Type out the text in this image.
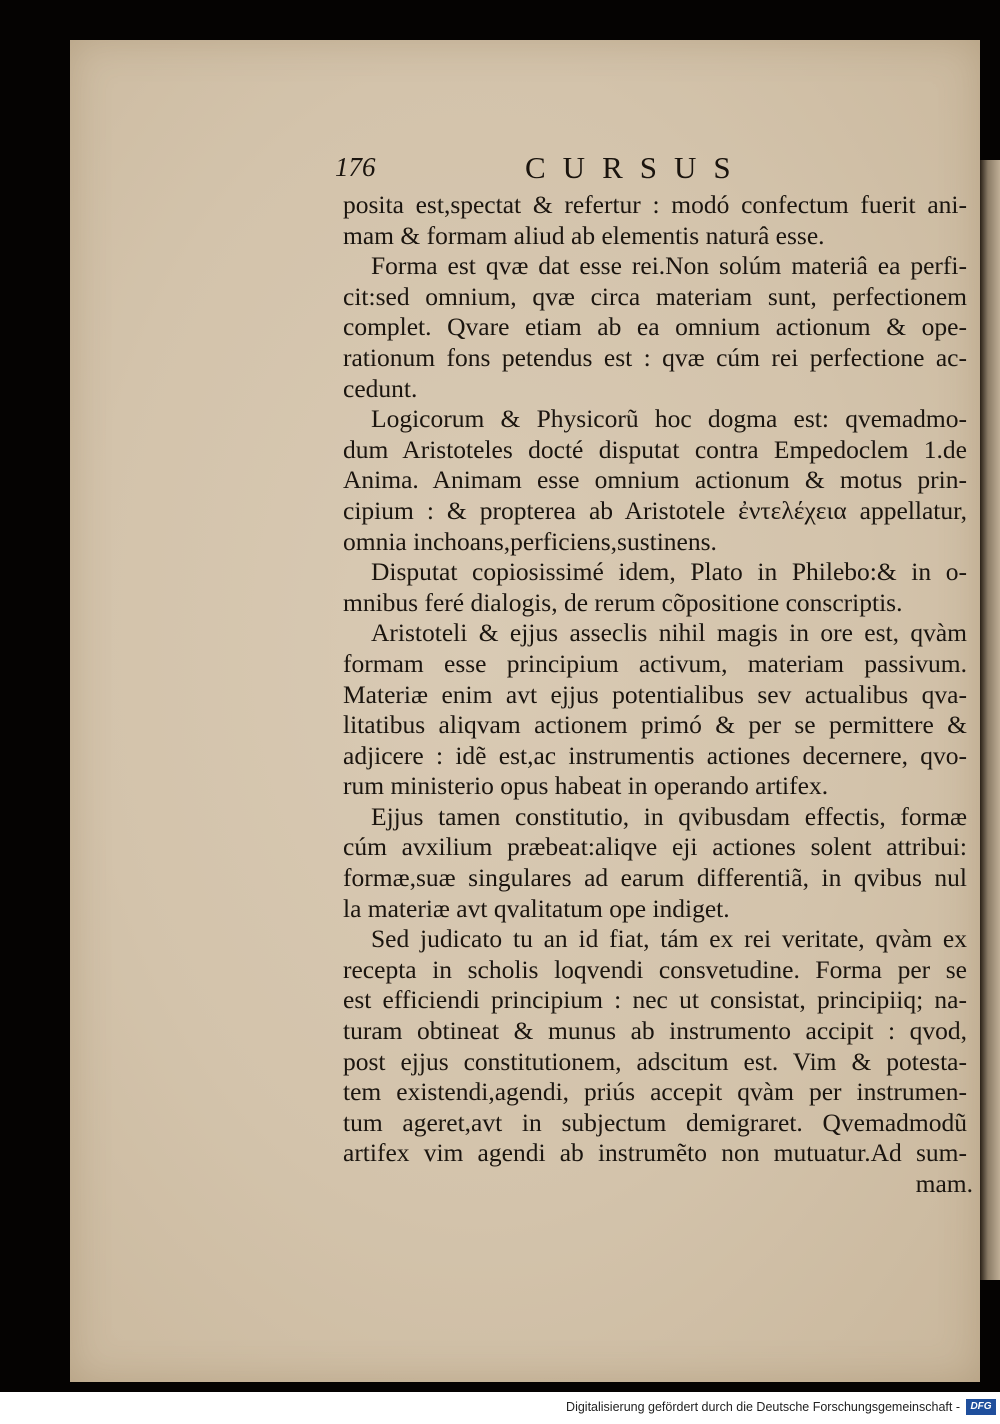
176	CURSUS
posita est,spectat & refertur : modó confectum fuerit ani-
mam & formam aliud ab elementis naturâ esse.
Forma est qvæ dat esse rei.Non solúm materiâ ea perfi-
cit:sed omnium, qvæ circa materiam sunt, perfectionem
complet. Qvare etiam ab ea omnium actionum & ope-
rationum fons petendus est : qvæ cúm rei perfectione ac-
cedunt.
Logicorum & Physicorũ hoc dogma est: qvemadmo-
dum Aristoteles docté disputat contra Empedoclem 1.de
Anima. Animam esse omnium actionum & motus prin-
cipium : & propterea ab Aristotele ἐντελέχεια appellatur,
omnia inchoans,perficiens,sustinens.
Disputat copiosissimé idem, Plato in Philebo:& in o-
mnibus feré dialogis, de rerum cõpositione conscriptis.
Aristoteli & ejjus asseclis nihil magis in ore est, qvàm
formam esse principium activum, materiam passivum.
Materiæ enim avt ejjus potentialibus sev actualibus qva-
litatibus aliqvam actionem primó & per se permittere &
adjicere : idẽ est,ac instrumentis actiones decernere, qvo-
rum ministerio opus habeat in operando artifex.
Ejjus tamen constitutio, in qvibusdam effectis, formæ
cúm avxilium præbeat:aliqve eji actiones solent attribui:
formæ,suæ singulares ad earum differentiã, in qvibus nul
la materiæ avt qvalitatum ope indiget.
Sed judicato tu an id fiat, tám ex rei veritate, qvàm ex
recepta in scholis loqvendi consvetudine. Forma per se
est efficiendi principium : nec ut consistat, principiiq; na-
turam obtineat & munus ab instrumento accipit : qvod,
post ejjus constitutionem, adscitum est. Vim & potesta-
tem existendi,agendi, priús accepit qvàm per instrumen-
tum ageret,avt in subjectum demigraret. Qvemadmodũ
artifex vim agendi ab instrumẽto non mutuatur.Ad sum-
mam.
Digitalisierung gefördert durch die Deutsche Forschungsgemeinschaft -	DFG
